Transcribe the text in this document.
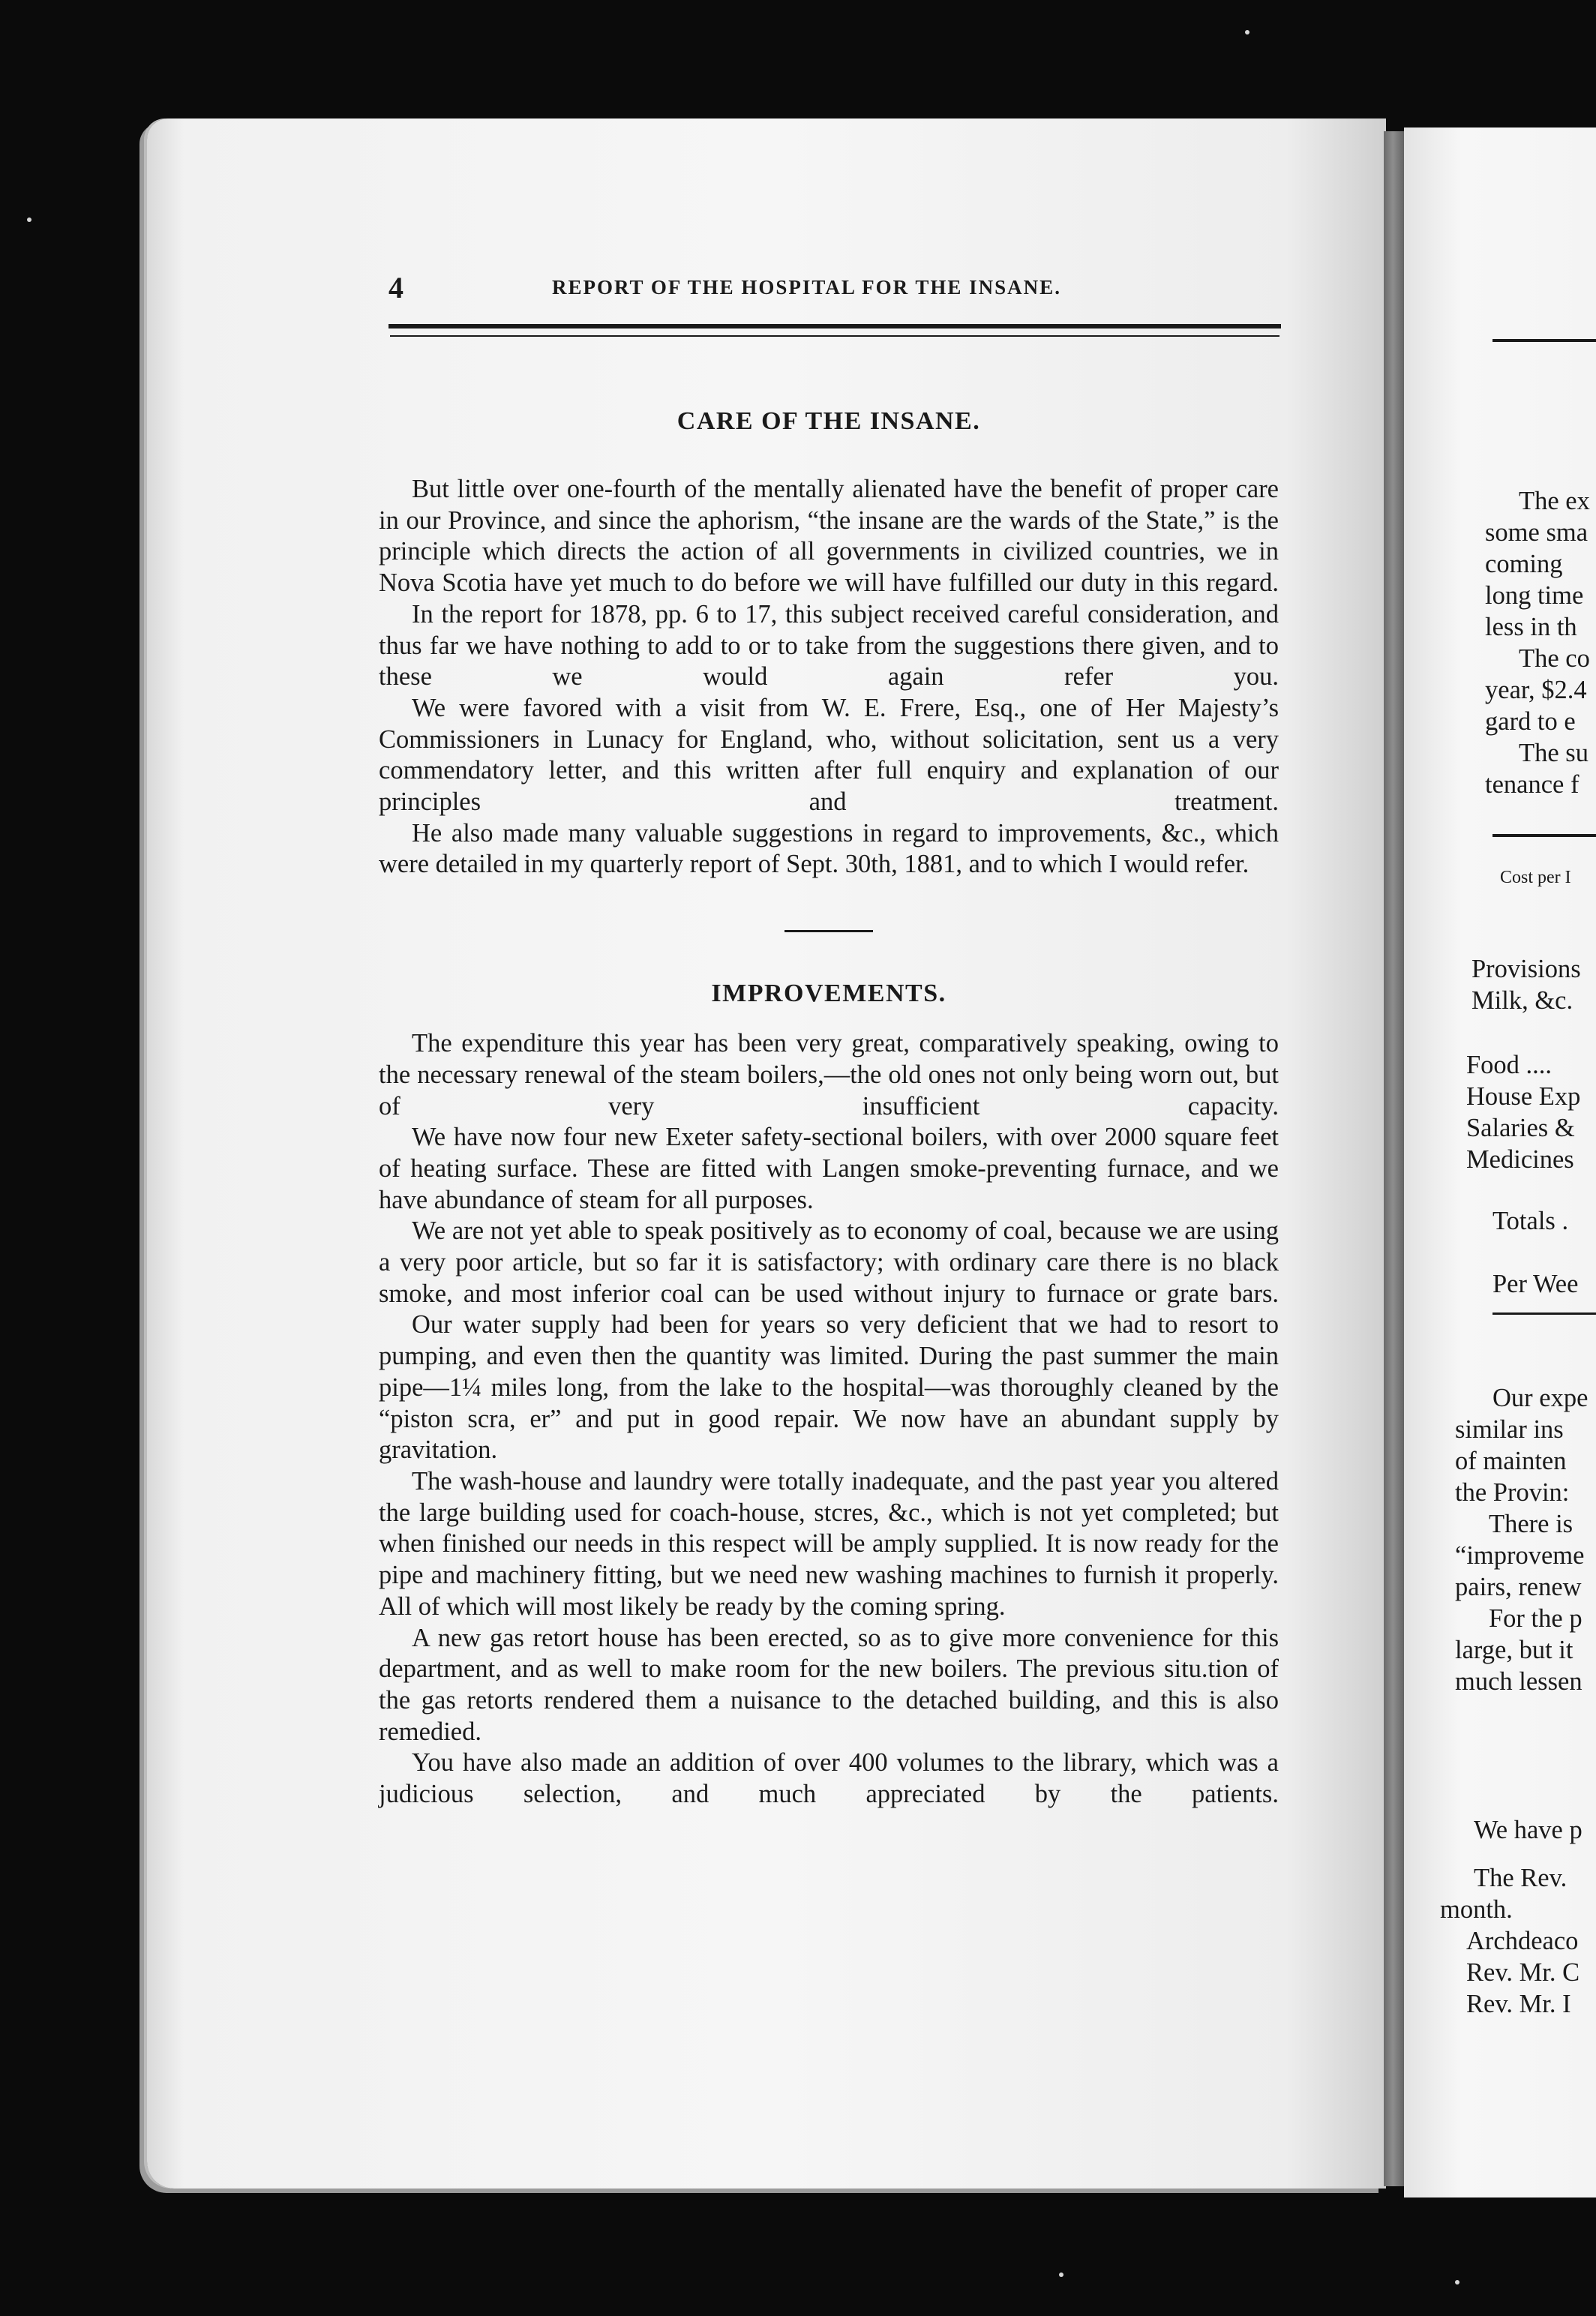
4	REPORT OF THE HOSPITAL FOR THE INSANE.
CARE OF THE INSANE.

But little over one-fourth of the mentally alienated have the benefit of proper care in our Province, and since the aphorism, “the insane are the wards of the State,” is the principle which directs the action of all governments in civilized countries, we in Nova Scotia have yet much to do before we will have fulfilled our duty in this regard.

In the report for 1878, pp. 6 to 17, this subject received careful consideration, and thus far we have nothing to add to or to take from the suggestions there given, and to these we would again refer you.

We were favored with a visit from W. E. Frere, Esq., one of Her Majesty’s Commissioners in Lunacy for England, who, without solicitation, sent us a very commendatory letter, and this written after full enquiry and explanation of our principles and treatment.

He also made many valuable suggestions in regard to improvements, &c., which were detailed in my quarterly report of Sept. 30th, 1881, and to which I would refer.

IMPROVEMENTS.

The expenditure this year has been very great, comparatively speaking, owing to the necessary renewal of the steam boilers,—the old ones not only being worn out, but of very insufficient capacity.

We have now four new Exeter safety-sectional boilers, with over 2000 square feet of heating surface. These are fitted with Langen smoke-preventing furnace, and we have abundance of steam for all purposes.

We are not yet able to speak positively as to economy of coal, because we are using a very poor article, but so far it is satisfactory; with ordinary care there is no black smoke, and most inferior coal can be used without injury to furnace or grate bars.

Our water supply had been for years so very deficient that we had to resort to pumping, and even then the quantity was limited. During the past summer the main pipe—1¼ miles long, from the lake to the hospital—was thoroughly cleaned by the “piston scra, er” and put in good repair. We now have an abundant supply by gravitation.

The wash-house and laundry were totally inadequate, and the past year you altered the large building used for coach-house, stcres, &c., which is not yet completed; but when finished our needs in this respect will be amply supplied. It is now ready for the pipe and machinery fitting, but we need new washing machines to furnish it properly. All of which will most likely be ready by the coming spring.

A new gas retort house has been erected, so as to give more convenience for this department, and as well to make room for the new boilers. The previous situ.tion of the gas retorts rendered them a nuisance to the detached building, and this is also remedied.

You have also made an addition of over 400 volumes to the library, which was a judicious selection, and much appreciated by the patients.

The ex
some sma
coming
long time
less in th
The co
year, $2.4
gard to e
The su
tenance f
Cost per I
Provisions
Milk, &c.
Food ....
House Exp
Salaries &
Medicines
Totals .
Per Wee
Our expe
similar ins
of mainten
the Provin:
There is
“improveme
pairs, renew
For the p
large, but it
much lessen
We have p
The Rev.
month.
Archdeaco
Rev. Mr. C
Rev. Mr. I
